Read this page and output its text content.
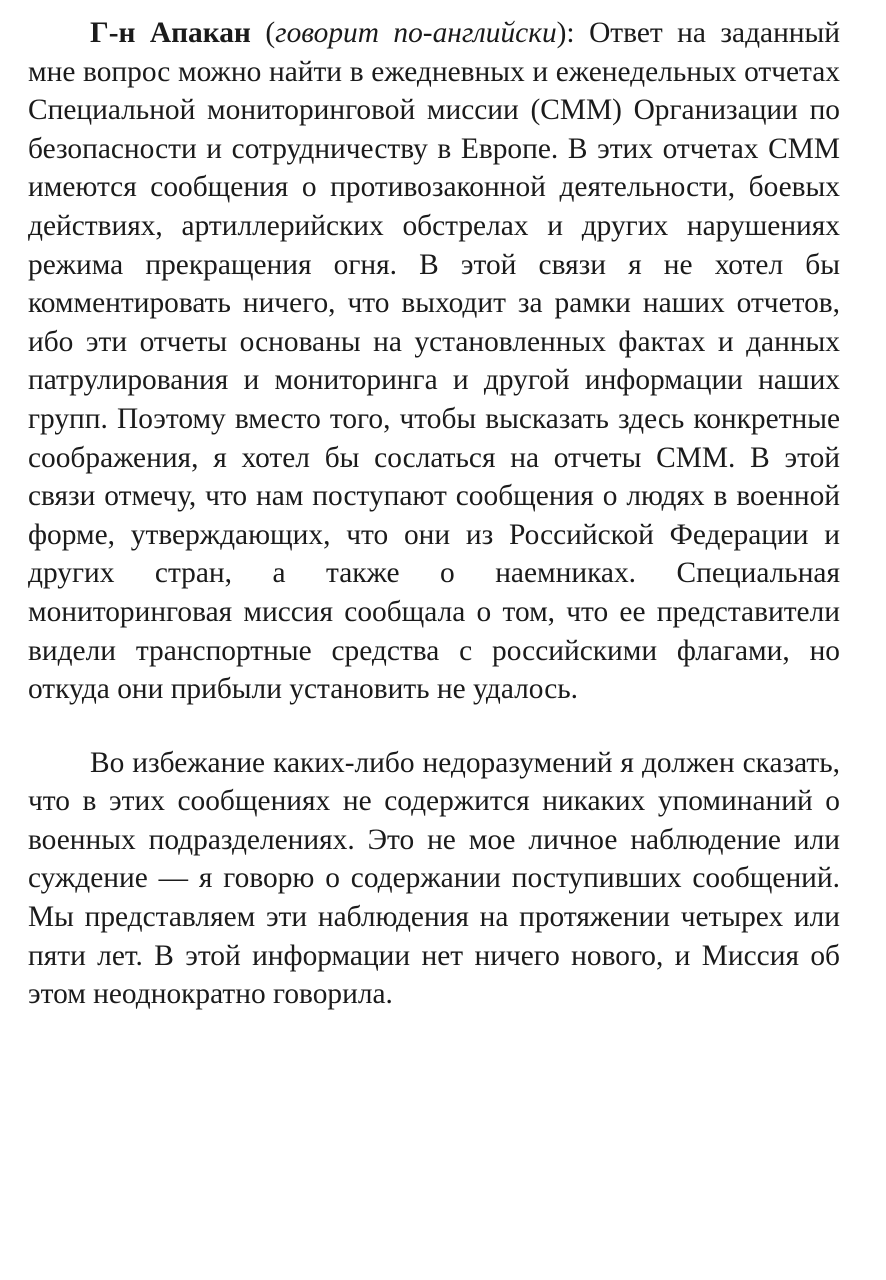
Г-н Апакан (говорит по-английски): Ответ на заданный мне вопрос можно найти в ежедневных и еженедельных отчетах Специальной мониторинговой миссии (СММ) Организации по безопасности и сотрудничеству в Европе. В этих отчетах СММ имеются сообщения о противозаконной деятельности, боевых действиях, артиллерийских обстрелах и других нарушениях режима прекращения огня. В этой связи я не хотел бы комментировать ничего, что выходит за рамки наших отчетов, ибо эти отчеты основаны на установленных фактах и данных патрулирования и мониторинга и другой информации наших групп. Поэтому вместо того, чтобы высказать здесь конкретные соображения, я хотел бы сослаться на отчеты СММ. В этой связи отмечу, что нам поступают сообщения о людях в военной форме, утверждающих, что они из Российской Федерации и других стран, а также о наемниках. Специальная мониторинговая миссия сообщала о том, что ее представители видели транспортные средства с российскими флагами, но откуда они прибыли установить не удалось.

Во избежание каких-либо недоразумений я должен сказать, что в этих сообщениях не содержится никаких упоминаний о военных подразделениях. Это не мое личное наблюдение или суждение — я говорю о содержании поступивших сообщений. Мы представляем эти наблюдения на протяжении четырех или пяти лет. В этой информации нет ничего нового, и Миссия об этом неоднократно говорила.
